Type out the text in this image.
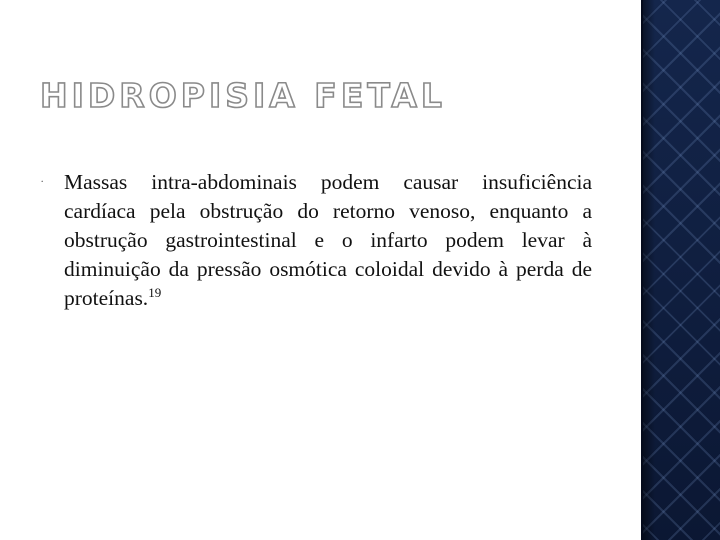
HIDROPISIA FETAL
˙ Massas intra-abdominais podem causar insuficiência cardíaca pela obstrução do retorno venoso, enquanto a obstrução gastrointestinal e o infarto podem levar à diminuição da pressão osmótica coloidal devido à perda de proteínas.$^{19}$
